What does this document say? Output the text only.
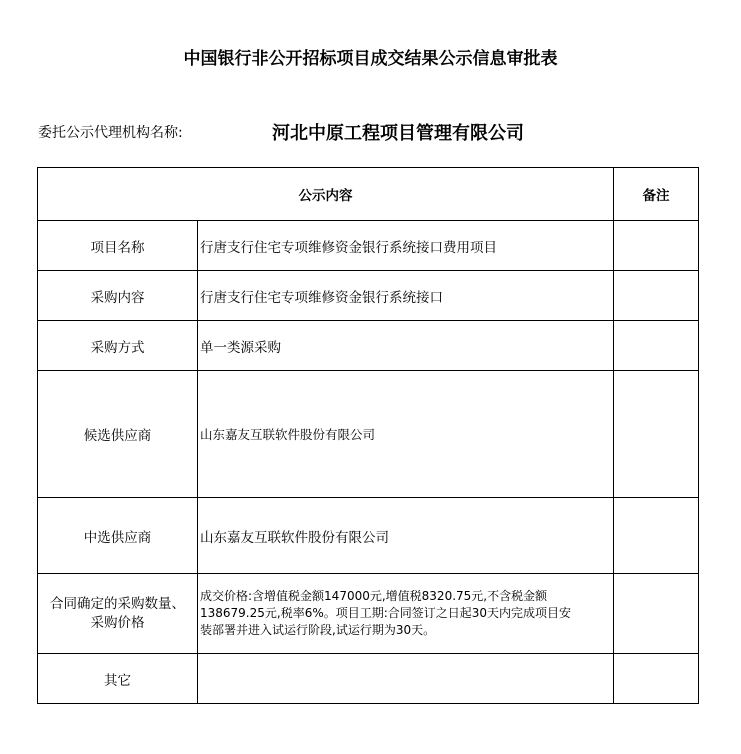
中国银行非公开招标项目成交结果公示信息审批表
委托公示代理机构名称:	河北中原工程项目管理有限公司
公示内容		备注
项目名称	行唐支行住宅专项维修资金银行系统接口费用项目	
采购内容	行唐支行住宅专项维修资金银行系统接口	
采购方式	单一类源采购	
候选供应商	山东嘉友互联软件股份有限公司	
中选供应商	山东嘉友互联软件股份有限公司	
合同确定的采购数量、
采购价格	成交价格:含增值税金额147000元,增值税8320.75元,不含税金额
138679.25元,税率6%。项目工期:合同签订之日起30天内完成项目安
装部署并进入试运行阶段,试运行期为30天。	

其它		
